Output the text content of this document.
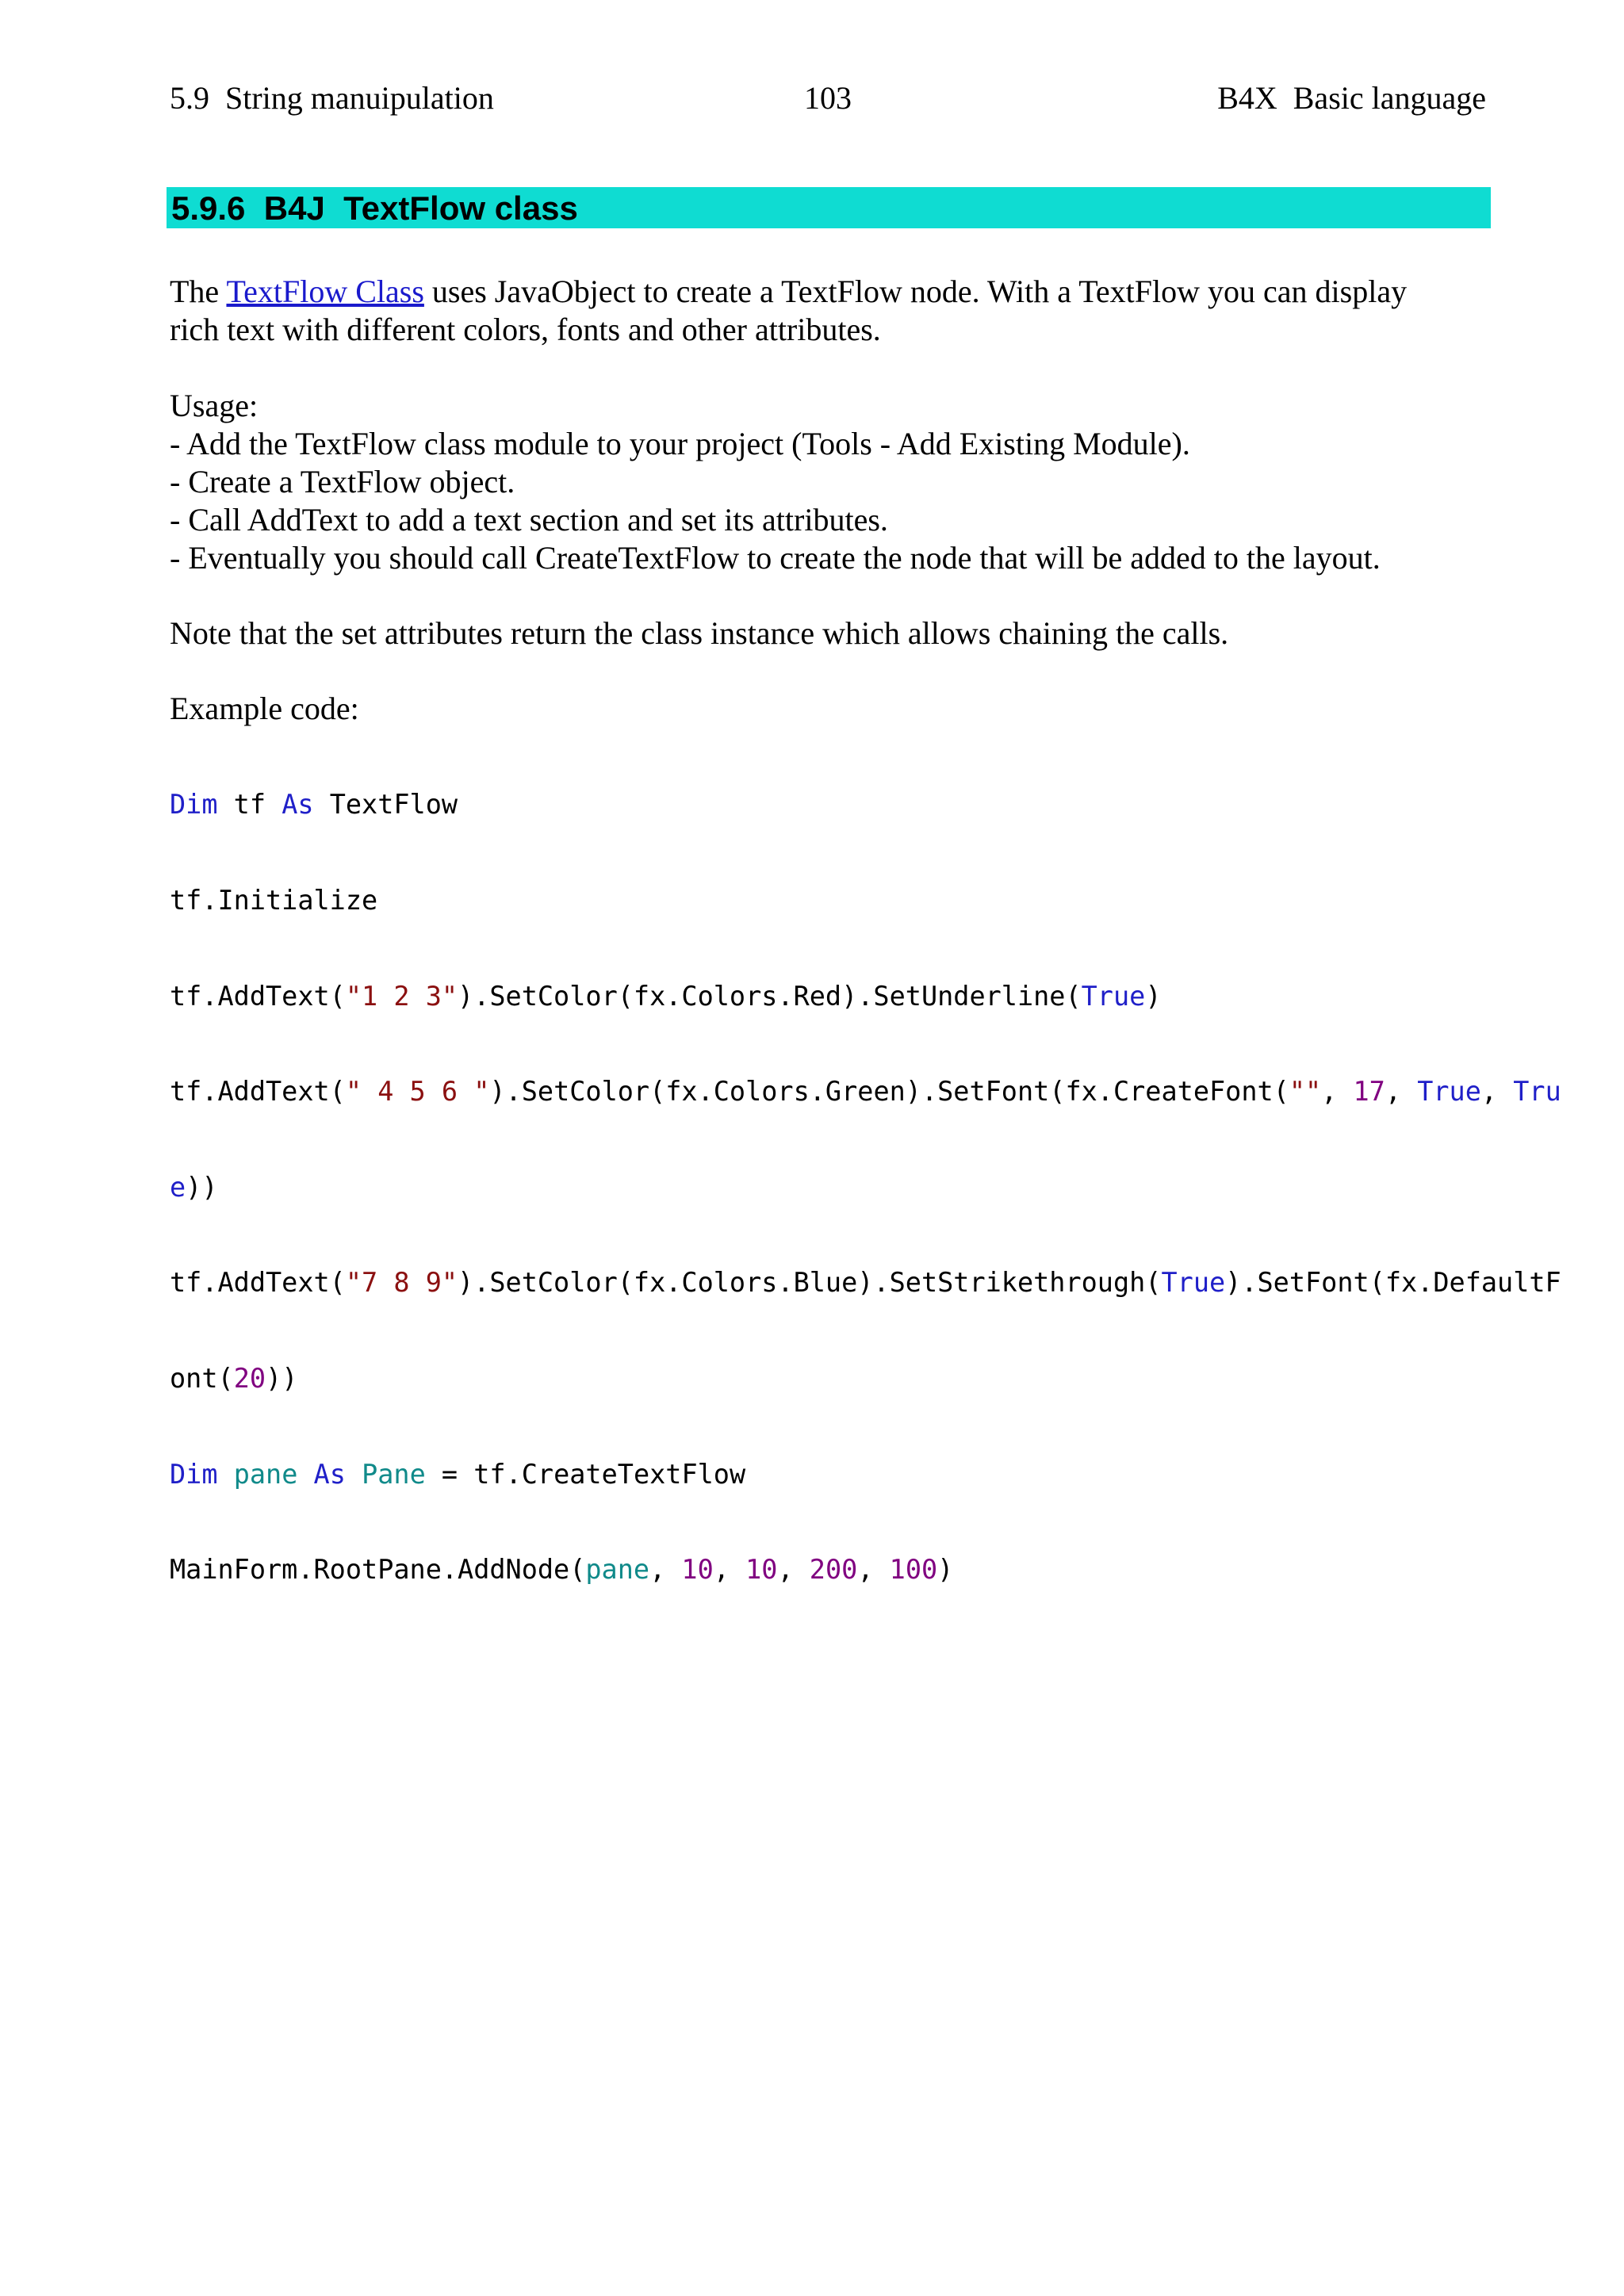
5.9  String manuipulation	103	B4X  Basic language
5.9.6  B4J  TextFlow class

The TextFlow Class uses JavaObject to create a TextFlow node. With a TextFlow you can display

rich text with different colors, fonts and other attributes.

Usage:

- Add the TextFlow class module to your project (Tools - Add Existing Module).

- Create a TextFlow object.

- Call AddText to add a text section and set its attributes.

- Eventually you should call CreateTextFlow to create the node that will be added to the layout.

Note that the set attributes return the class instance which allows chaining the calls.

Example code:

Dim tf As TextFlow

tf.Initialize

tf.AddText("1 2 3").SetColor(fx.Colors.Red).SetUnderline(True)

tf.AddText(" 4 5 6 ").SetColor(fx.Colors.Green).SetFont(fx.CreateFont("", 17, True, Tru

e))

tf.AddText("7 8 9").SetColor(fx.Colors.Blue).SetStrikethrough(True).SetFont(fx.DefaultF

ont(20))

Dim pane As Pane = tf.CreateTextFlow

MainForm.RootPane.AddNode(pane, 10, 10, 200, 100)
